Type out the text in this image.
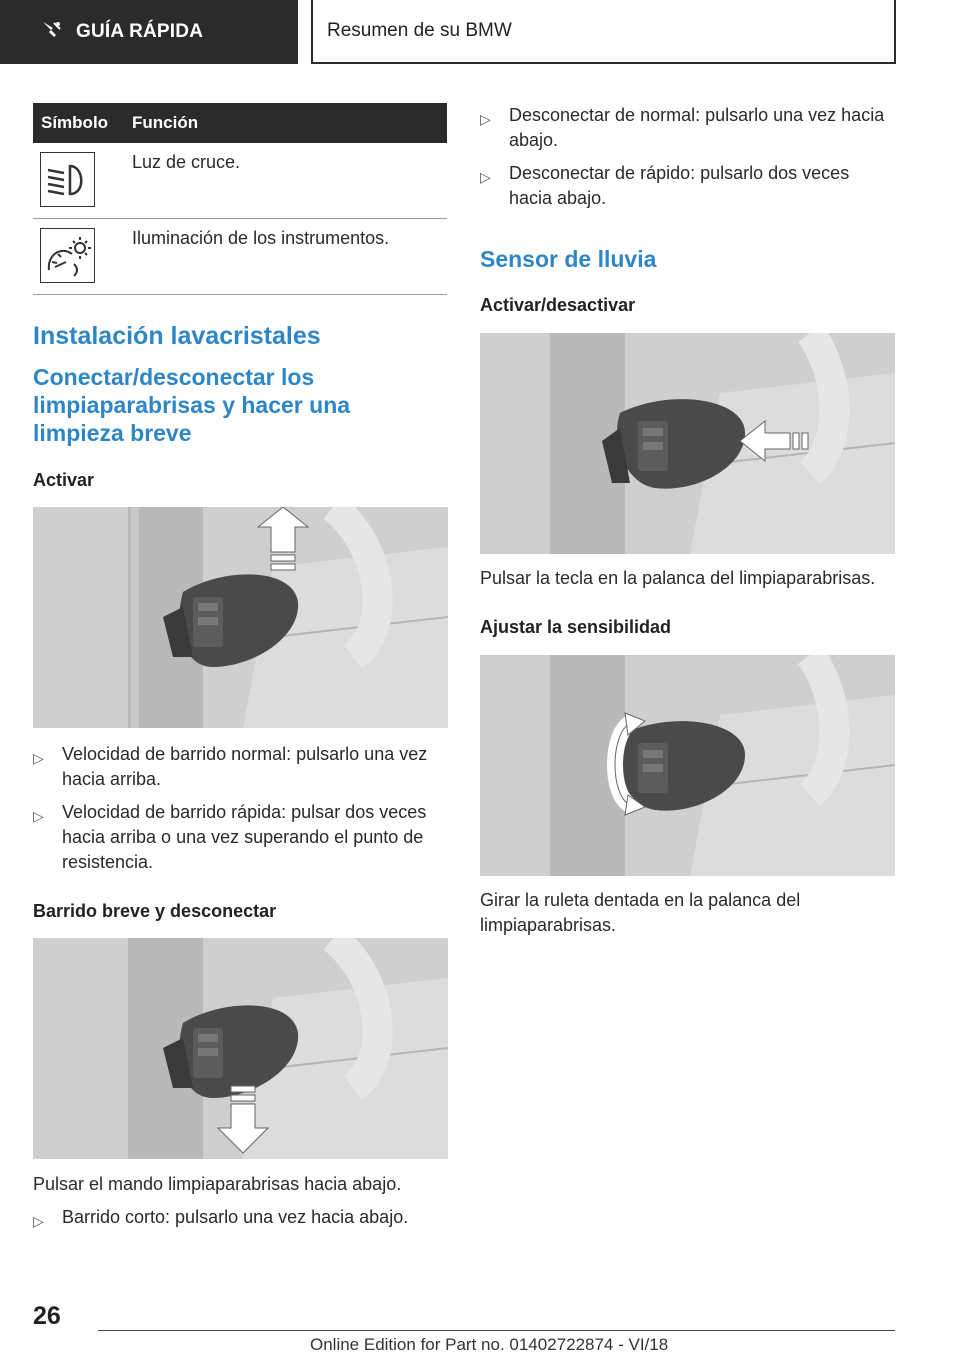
GUÍA RÁPIDA	Resumen de su BMW
Símbolo	Función
Luz de cruce.
Iluminación de los instrumentos.
Instalación lavacristales
Conectar/desconectar los limpiaparabrisas y hacer una limpieza breve
Activar
▷ Velocidad de barrido normal: pulsarlo una vez hacia arriba.
▷ Velocidad de barrido rápida: pulsar dos veces hacia arriba o una vez superando el punto de resistencia.
Barrido breve y desconectar

Pulsar el mando limpiaparabrisas hacia abajo.

▷ Barrido corto: pulsarlo una vez hacia abajo.
▷ Desconectar de normal: pulsarlo una vez hacia abajo.
▷ Desconectar de rápido: pulsarlo dos veces hacia abajo.
Sensor de lluvia
Activar/desactivar

Pulsar la tecla en la palanca del limpiaparabrisas.

Ajustar la sensibilidad

Girar la ruleta dentada en la palanca del limpiaparabrisas.

26
Online Edition for Part no. 01402722874 - VI/18
